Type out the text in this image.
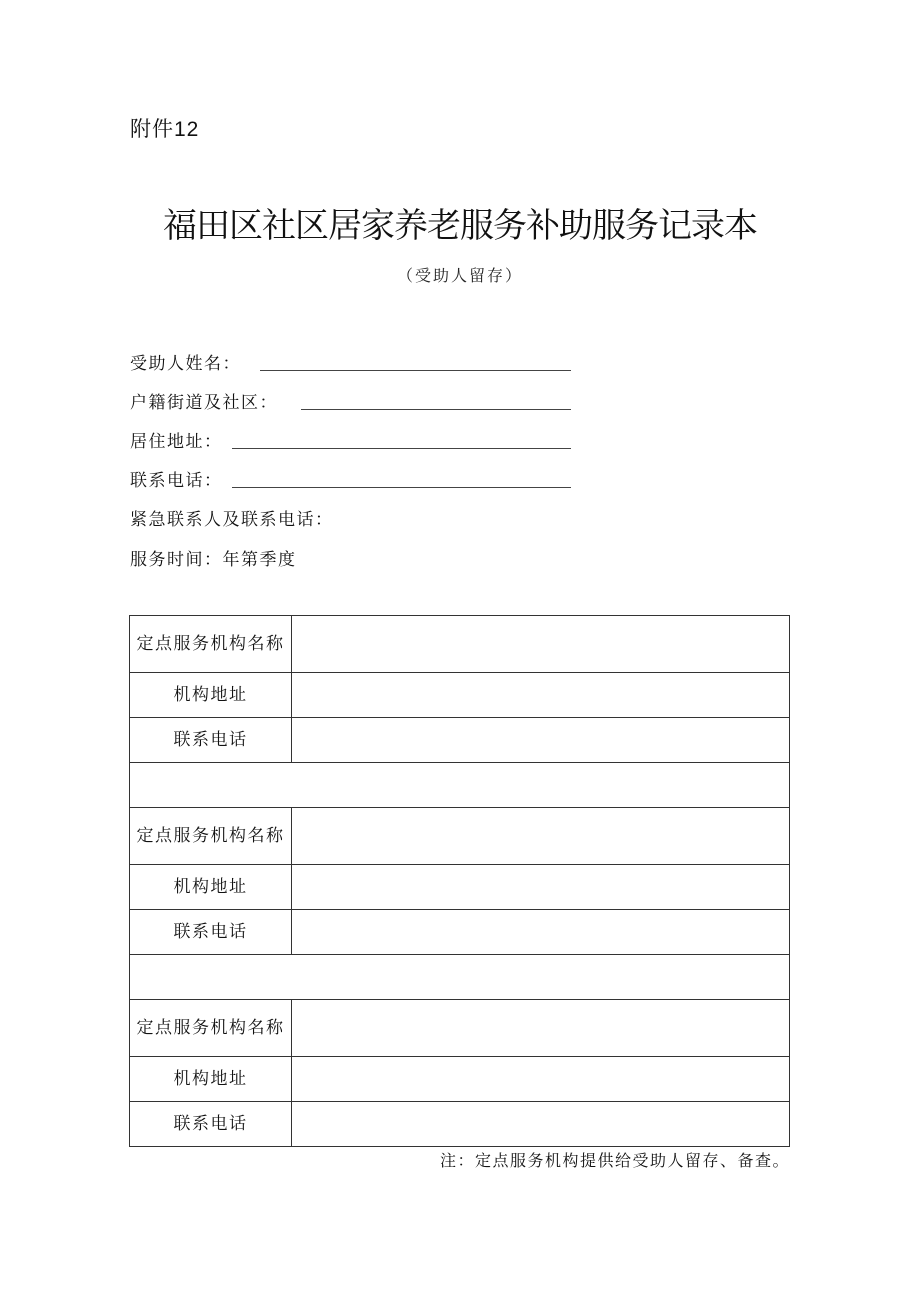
附件12
福田区社区居家养老服务补助服务记录本
（受助人留存）
受助人姓名：
户籍街道及社区：
居住地址：
联系电话：
紧急联系人及联系电话：
服务时间：年第季度
定点服务机构名称	
机构地址	
联系电话	

定点服务机构名称	
机构地址	
联系电话	

定点服务机构名称	
机构地址	
联系电话	
注：定点服务机构提供给受助人留存、备查。
